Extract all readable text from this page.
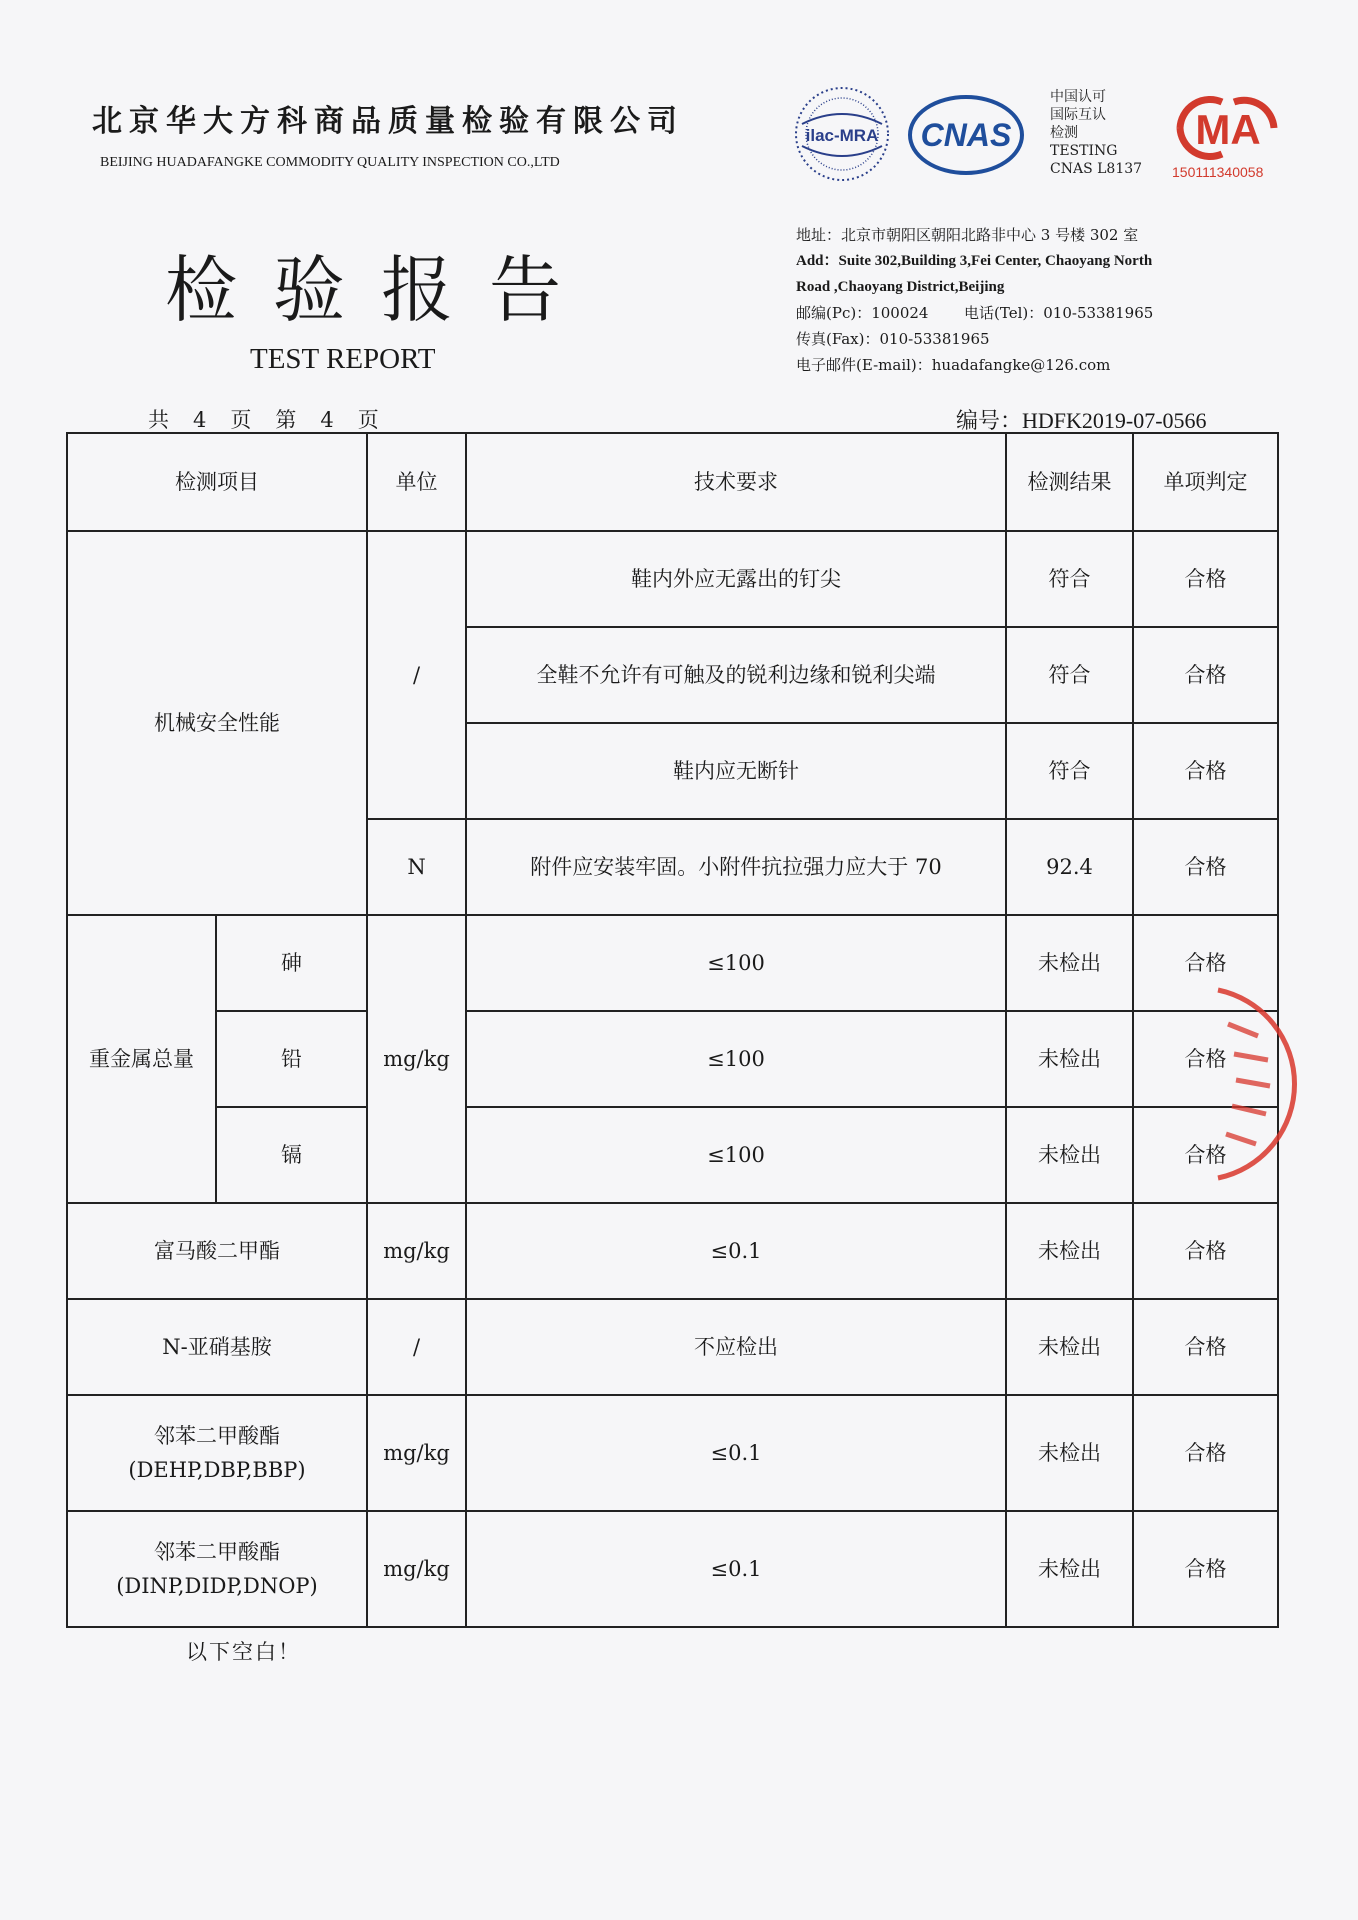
北京华大方科商品质量检验有限公司
BEIJING HUADAFANGKE COMMODITY QUALITY INSPECTION CO.,LTD
检验报告
TEST REPORT
ilac-MRA CNAS
中国认可
国际互认
检测
TESTING
CNAS L8137
MA
150111340058
地址：北京市朝阳区朝阳北路非中心 3 号楼 302 室
Add：Suite 302,Building 3,Fei Center, Chaoyang North
Road ,Chaoyang District,Beijing
邮编(Pc)：100024 电话(Tel)：010-53381965
传真(Fax)：010-53381965
电子邮件(E-mail)：huadafangke@126.com
共 4 页 第 4 页	编号：HDFK2019-07-0566
检测项目		单位	技术要求	检测结果	单项判定
机械安全性能		/	鞋内外应无露出的钉尖	符合	合格
			全鞋不允许有可触及的锐利边缘和锐利尖端	符合	合格
			鞋内应无断针	符合	合格
		N	附件应安装牢固。小附件抗拉强力应大于 70	92.4	合格
重金属总量	砷	mg/kg	≤100	未检出	合格
	铅		≤100	未检出	合格
	镉		≤100	未检出	合格
富马酸二甲酯		mg/kg	≤0.1	未检出	合格
N-亚硝基胺		/	不应检出	未检出	合格

邻苯二甲酸酯
(DEHP,DBP,BBP)		mg/kg	≤0.1	未检出	合格

邻苯二甲酸酯
(DINP,DIDP,DNOP)		mg/kg	≤0.1	未检出	合格
以下空白！
